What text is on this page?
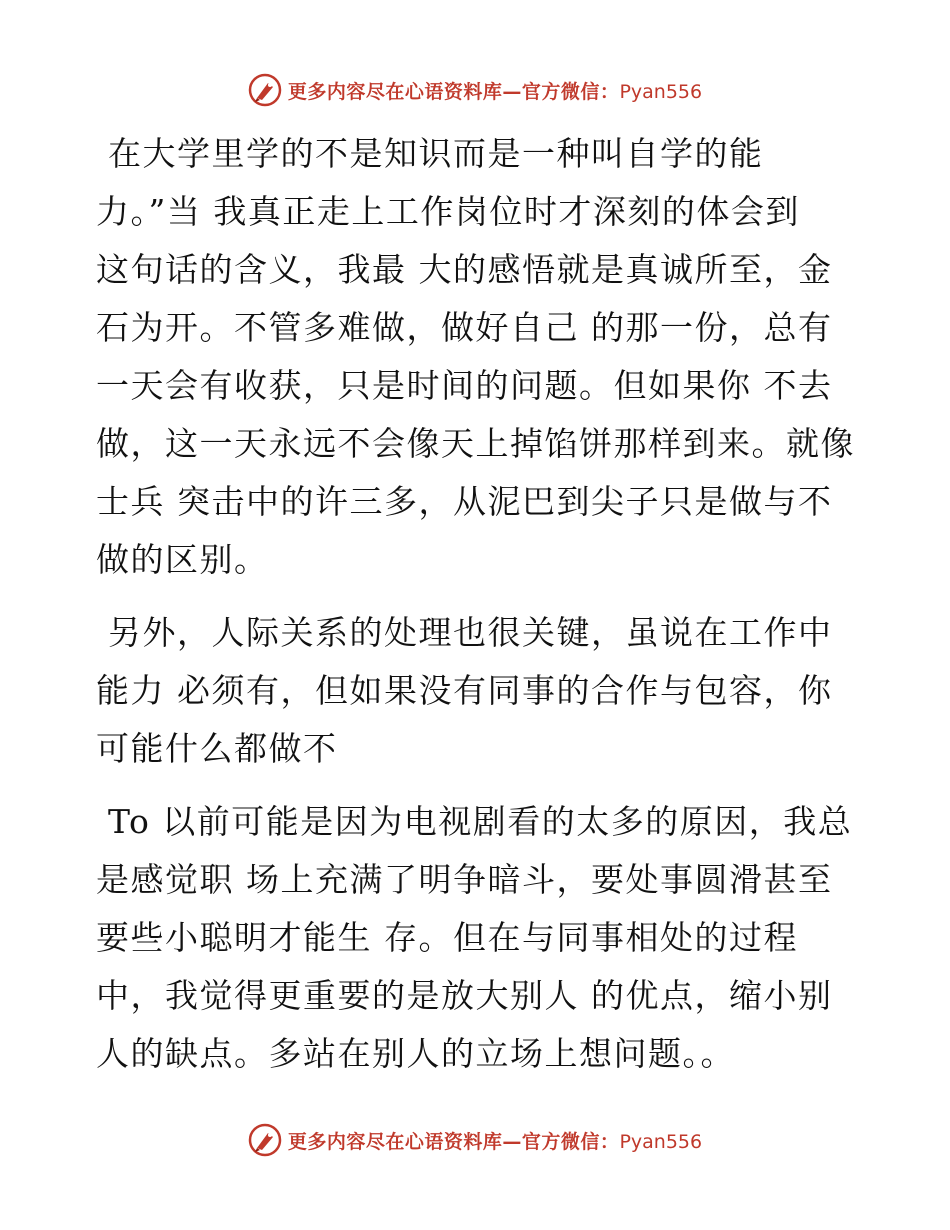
更多内容尽在心语资料库—官方微信：Pyan556
在大学里学的不是知识而是一种叫自学的能
力。”当 我真正走上工作岗位时才深刻的体会到
这句话的含义，我最 大的感悟就是真诚所至，金
石为开。不管多难做，做好自己 的那一份，总有
一天会有收获，只是时间的问题。但如果你 不去
做，这一天永远不会像天上掉馅饼那样到来。就像
士兵 突击中的许三多，从泥巴到尖子只是做与不
做的区别。
另外，人际关系的处理也很关键，虽说在工作中
能力 必须有，但如果没有同事的合作与包容，你
可能什么都做不
To 以前可能是因为电视剧看的太多的原因，我总
是感觉职 场上充满了明争暗斗，要处事圆滑甚至
要些小聪明才能生 存。但在与同事相处的过程
中，我觉得更重要的是放大别人 的优点，缩小别
人的缺点。多站在别人的立场上想问题。。
更多内容尽在心语资料库—官方微信：Pyan556
